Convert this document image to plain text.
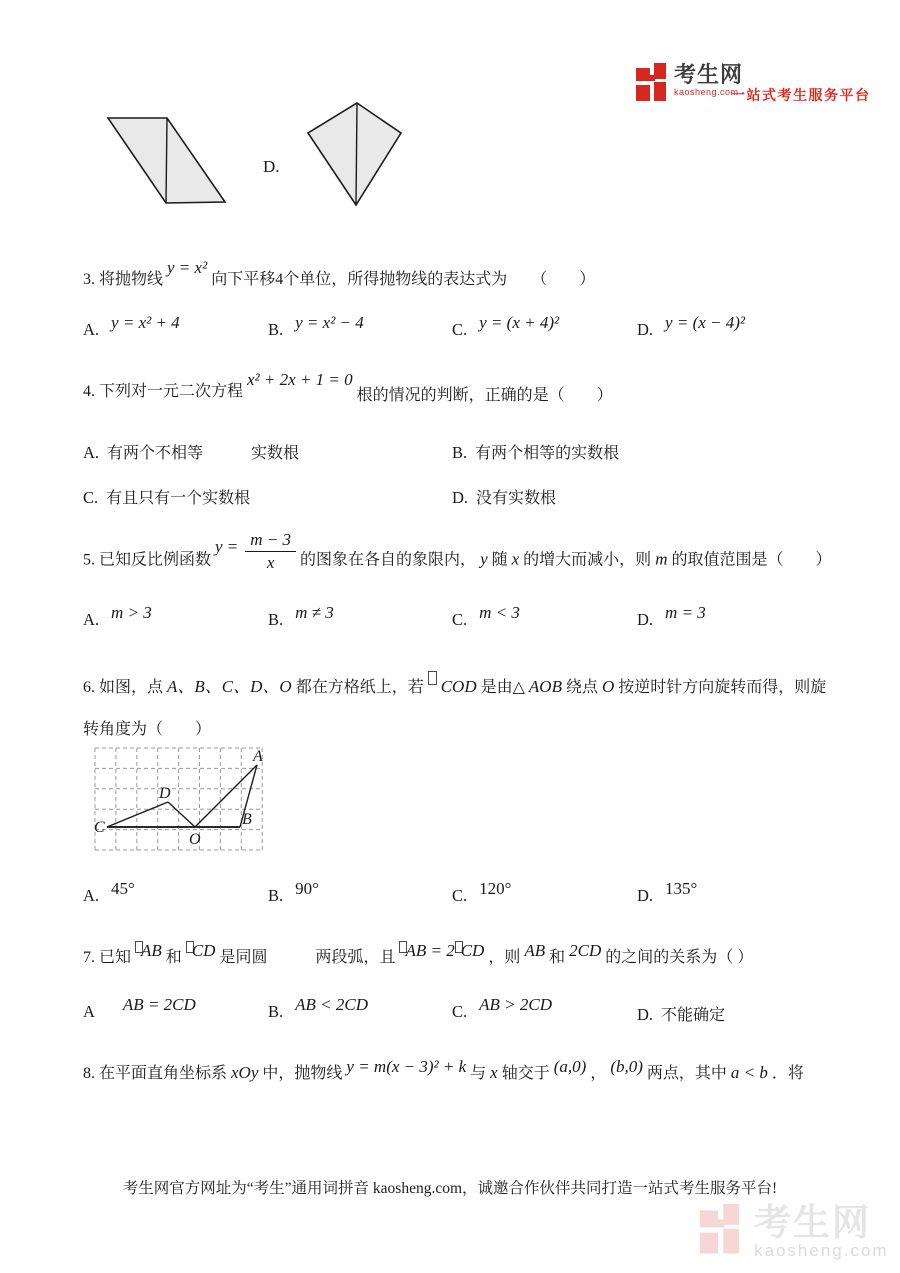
考生网
kaosheng.com
一站式考生服务平台
D.
3. 将抛物线 y = x² 向下平移4个单位，所得抛物线的表达式为　　（　　）
A. y = x² + 4	B. y = x² − 4	C. y = (x + 4)²	D. y = (x − 4)²
4. 下列对一元二次方程 x² + 2x + 1 = 0 根的情况的判断，正确的是（　　）
A. 有两个不相等　　　实数根	B. 有两个相等的实数根
C. 有且只有一个实数根	D. 没有实数根
5. 已知反比例函数 $y = \frac{m - 3}{x}$ 的图象在各自的象限内， y 随 x 的增大而减小，则 m 的取值范围是（　　）
A. m > 3	B. m ≠ 3	C. m < 3	D. m = 3
6. 如图，点 A、B、C、D、O 都在方格纸上，若 COD 是由△ AOB 绕点 O 按逆时针方向旋转而得，则旋
转角度为（　　）
A
B
C
D
O
A. 45°	B. 90°	C. 120°	D. 135°
7. 已知 AB 和 CD 是同圆　　　两段弧，且 AB = 2 CD ，则 AB 和 2CD 的之间的关系为（ ）
A AB = 2CD	B. AB < 2CD	C. AB > 2CD
D. 不能确定
8. 在平面直角坐标系 xOy 中，抛物线 y = m(x − 3)² + k 与 x 轴交于 (a,0) ， (b,0) 两点，其中 a < b ．将
考生网官方网址为“考生”通用词拼音 kaosheng.com，诚邀合作伙伴共同打造一站式考生服务平台!
考生网
kaosheng.com
